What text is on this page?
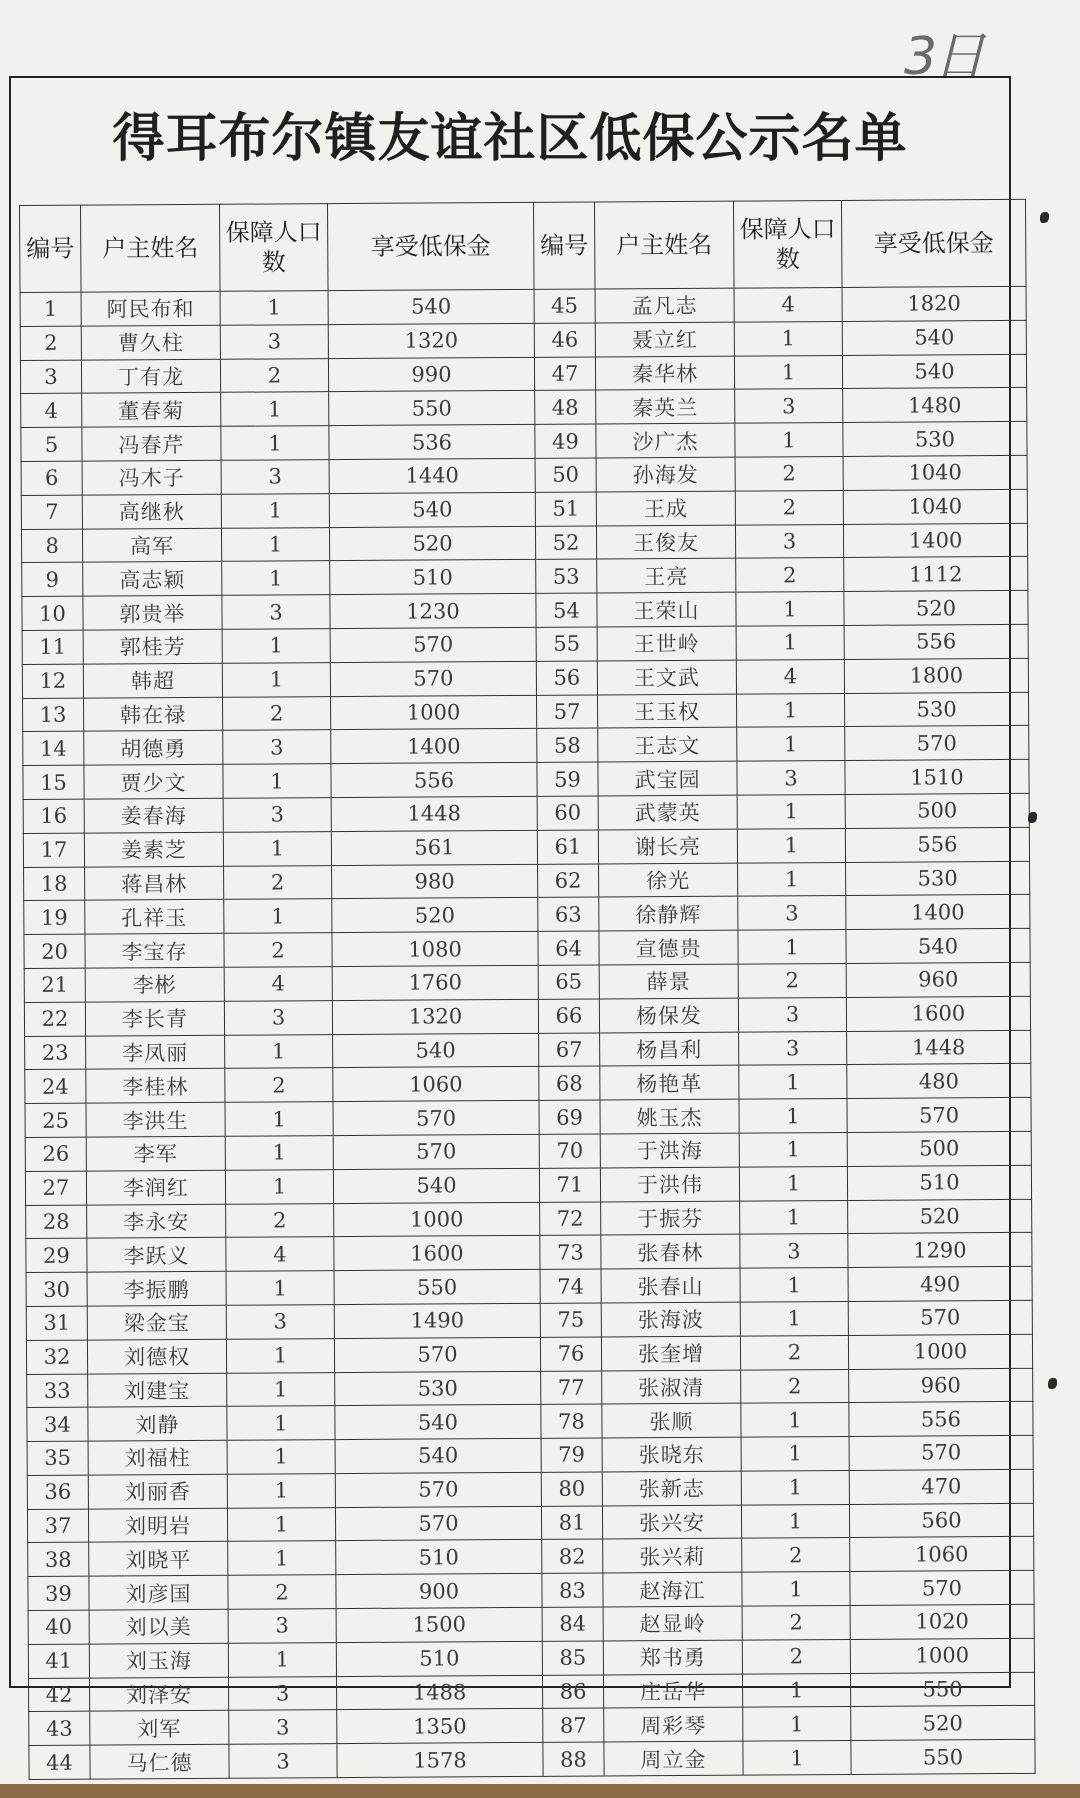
3日
得耳布尔镇友谊社区低保公示名单
编号	户主姓名	保障人口数	享受低保金	编号	户主姓名	保障人口数	享受低保金
1	阿民布和	1	540	45	孟凡志	4	1820
2	曹久柱	3	1320	46	聂立红	1	540
3	丁有龙	2	990	47	秦华林	1	540
4	董春菊	1	550	48	秦英兰	3	1480
5	冯春芹	1	536	49	沙广杰	1	530
6	冯木子	3	1440	50	孙海发	2	1040
7	高继秋	1	540	51	王成	2	1040
8	高军	1	520	52	王俊友	3	1400
9	高志颖	1	510	53	王亮	2	1112
10	郭贵举	3	1230	54	王荣山	1	520
11	郭桂芳	1	570	55	王世岭	1	556
12	韩超	1	570	56	王文武	4	1800
13	韩在禄	2	1000	57	王玉权	1	530
14	胡德勇	3	1400	58	王志文	1	570
15	贾少文	1	556	59	武宝园	3	1510
16	姜春海	3	1448	60	武蒙英	1	500
17	姜素芝	1	561	61	谢长亮	1	556
18	蒋昌林	2	980	62	徐光	1	530
19	孔祥玉	1	520	63	徐静辉	3	1400
20	李宝存	2	1080	64	宣德贵	1	540
21	李彬	4	1760	65	薛景	2	960
22	李长青	3	1320	66	杨保发	3	1600
23	李凤丽	1	540	67	杨昌利	3	1448
24	李桂林	2	1060	68	杨艳革	1	480
25	李洪生	1	570	69	姚玉杰	1	570
26	李军	1	570	70	于洪海	1	500
27	李润红	1	540	71	于洪伟	1	510
28	李永安	2	1000	72	于振芬	1	520
29	李跃义	4	1600	73	张春林	3	1290
30	李振鹏	1	550	74	张春山	1	490
31	梁金宝	3	1490	75	张海波	1	570
32	刘德权	1	570	76	张奎增	2	1000
33	刘建宝	1	530	77	张淑清	2	960
34	刘静	1	540	78	张顺	1	556
35	刘福柱	1	540	79	张晓东	1	570
36	刘丽香	1	570	80	张新志	1	470
37	刘明岩	1	570	81	张兴安	1	560
38	刘晓平	1	510	82	张兴莉	2	1060
39	刘彦国	2	900	83	赵海江	1	570
40	刘以美	3	1500	84	赵显岭	2	1020
41	刘玉海	1	510	85	郑书勇	2	1000
42	刘泽安	3	1488	86	庄岳华	1	550
43	刘军	3	1350	87	周彩琴	1	520
44	马仁德	3	1578	88	周立金	1	550
